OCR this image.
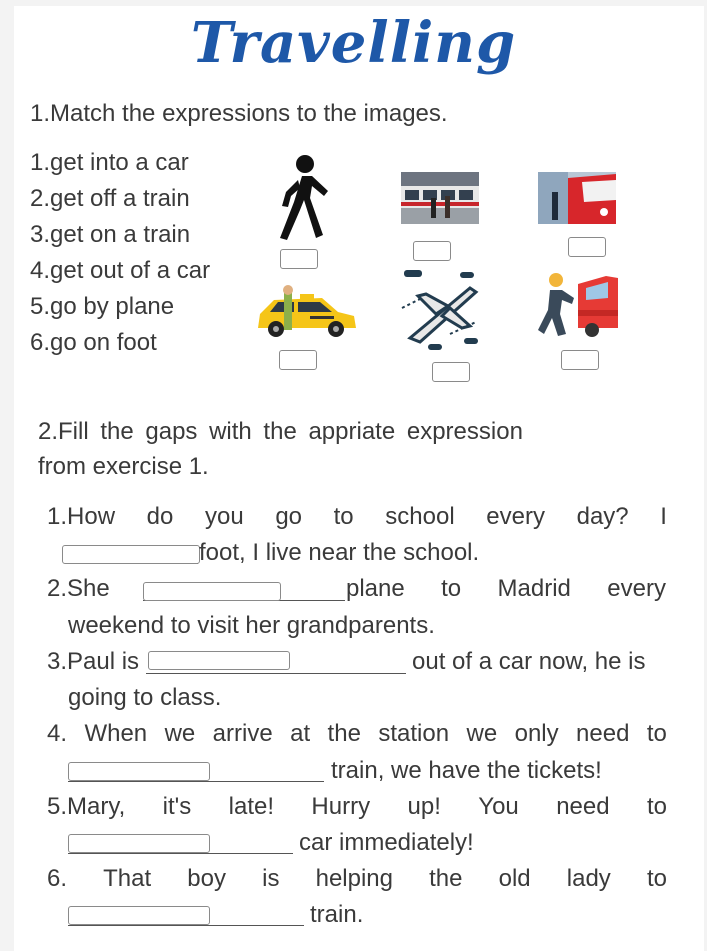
Travelling
1.Match the expressions to the images.
1.get into a car
2.get off a train
3.get on a train
4.get out of a car
5.go by plane
6.go on foot
2.Fill the gaps with the appriate expression
from exercise 1.
1.How do you go to school every day? I
foot, I live near the school.
2.She	plane to Madrid every
weekend to visit her grandparents.
3.Paul is	out of a car now, he is
going to class.
4. When we arrive at the station we only need to
train, we have the tickets!
5.Mary, it's late! Hurry up! You need to
car immediately!
6. That boy is helping the old lady to
train.
